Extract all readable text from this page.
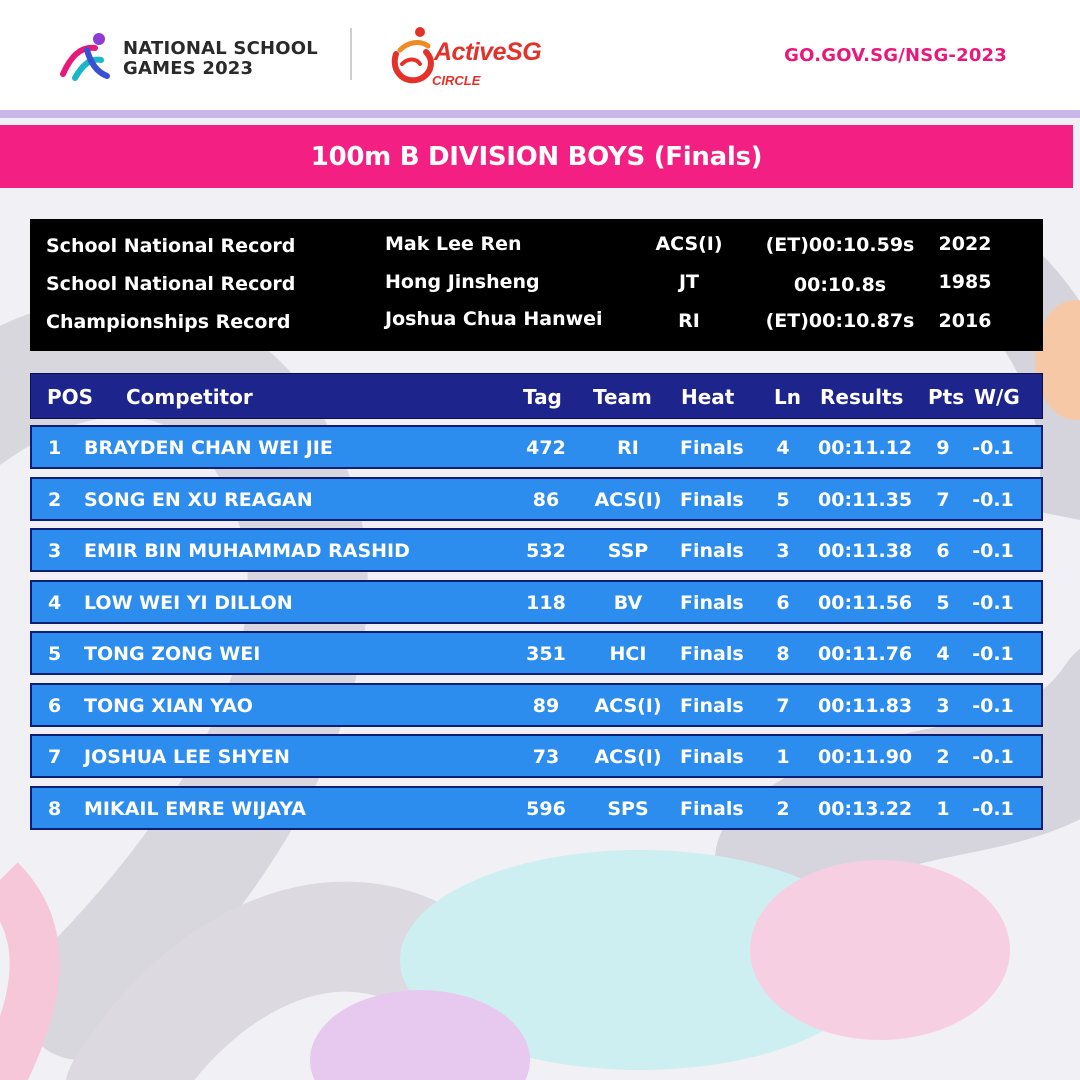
NATIONAL SCHOOL
GAMES 2023
ActiveSG
CIRCLE
GO.GOV.SG/NSG-2023
100m B DIVISION BOYS (Finals)
School National Record	Mak Lee Ren	ACS(I) (ET)00:10.59s 2022
School National Record	Hong Jinsheng	JT	00:10.8s	1985
Championships Record	Joshua Chua Hanwei	RI	(ET)00:10.87s 2016
POS Competitor	Tag Team Heat Ln Results Pts W/G
1 BRAYDEN CHAN WEI JIE	472	RI	Finals	4	00:11.12	9	-0.1
2 SONG EN XU REAGAN	86	ACS(I) Finals	5	00:11.35	7	-0.1
3 EMIR BIN MUHAMMAD RASHID	532	SSP	Finals	3	00:11.38	6	-0.1
4 LOW WEI YI DILLON	118	BV	Finals	6	00:11.56	5	-0.1
5 TONG ZONG WEI	351	HCI	Finals	8	00:11.76	4	-0.1
6 TONG XIAN YAO	89	ACS(I) Finals	7	00:11.83	3	-0.1
7 JOSHUA LEE SHYEN	73	ACS(I) Finals	1	00:11.90	2	-0.1
8 MIKAIL EMRE WIJAYA	596	SPS	Finals	2	00:13.22	1	-0.1
